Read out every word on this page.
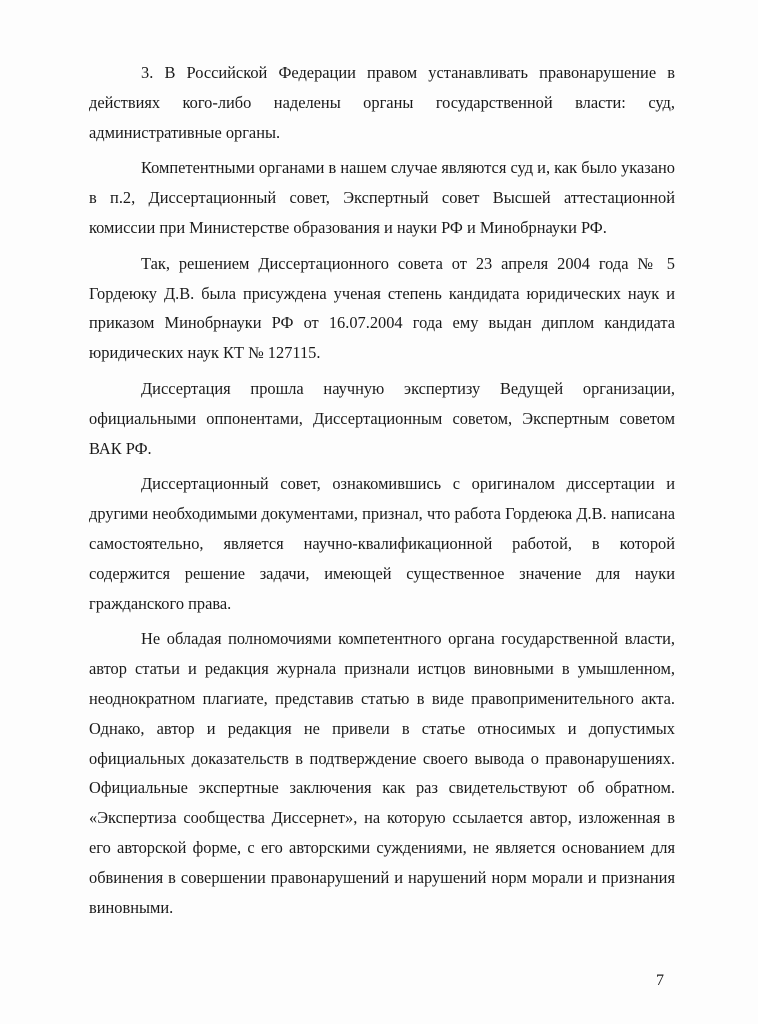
3. В Российской Федерации правом устанавливать правонарушение в действиях кого-либо наделены органы государственной власти: суд, административные органы.

Компетентными органами в нашем случае являются суд и, как было указано в п.2, Диссертационный совет, Экспертный совет Высшей аттестационной комиссии при Министерстве образования и науки РФ и Минобрнауки РФ.

Так, решением Диссертационного совета от 23 апреля 2004 года № 5 Гордеюку Д.В. была присуждена ученая степень кандидата юридических наук и приказом Минобрнауки РФ от 16.07.2004 года ему выдан диплом кандидата юридических наук КТ № 127115.

Диссертация прошла научную экспертизу Ведущей организации, официальными оппонентами, Диссертационным советом, Экспертным советом ВАК РФ.

Диссертационный совет, ознакомившись с оригиналом диссертации и другими необходимыми документами, признал, что работа Гордеюка Д.В. написана самостоятельно, является научно-квалификационной работой, в которой содержится решение задачи, имеющей существенное значение для науки гражданского права.

Не обладая полномочиями компетентного органа государственной власти, автор статьи и редакция журнала признали истцов виновными в умышленном, неоднократном плагиате, представив статью в виде правоприменительного акта. Однако, автор и редакция не привели в статье относимых и допустимых официальных доказательств в подтверждение своего вывода о правонарушениях. Официальные экспертные заключения как раз свидетельствуют об обратном. «Экспертиза сообщества Диссернет», на которую ссылается автор, изложенная в его авторской форме, с его авторскими суждениями, не является основанием для обвинения в совершении правонарушений и нарушений норм морали и признания виновными.

7
